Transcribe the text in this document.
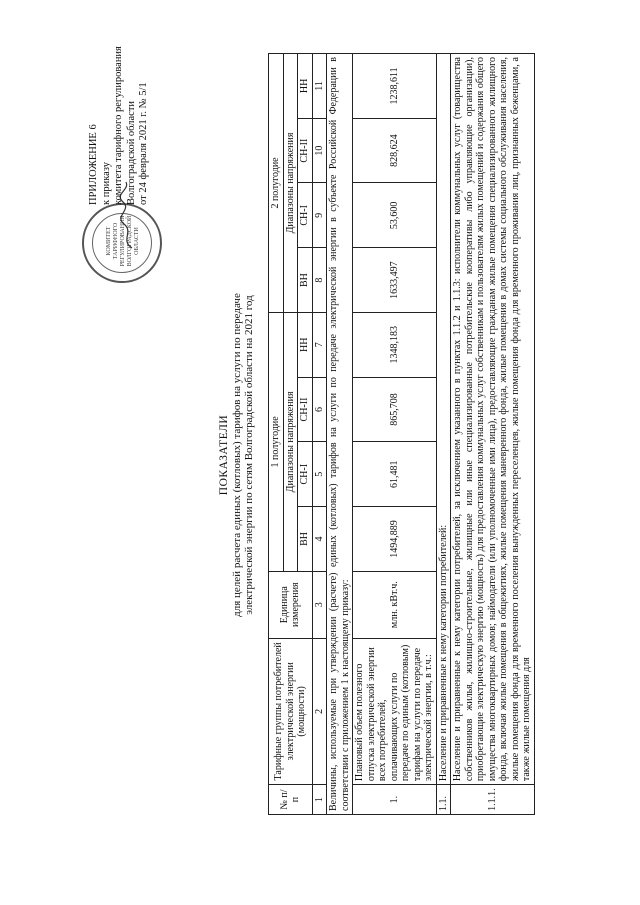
КОМИТЕТ ТАРИФНОГО РЕГУЛИРОВАНИЯ ВОЛГОГРАДСКОЙ ОБЛАСТИ
ПРИЛОЖЕНИЕ 6 к приказу комитета тарифного регулирования Волгоградской области от 24 февраля 2021 г. № 5/1
ПОКАЗАТЕЛИ для целей расчета единых (котловых) тарифов на услуги по передаче электрической энергии по сетям Волгоградской области на 2021 год
№ п/п	Тарифные группы потребителей электрической энергии (мощности)	Единица измерения	1 полугодие				2 полугодие			
			Диапазоны напряжения				Диапазоны напряжения			
			ВН	СН-I	СН-II	НН	ВН	СН-I	СН-II	НН
1	2	3	4	5	6	7	8	9	10	11
Величины, используемые при утверждении (расчете) единых (котловых) тарифов на услуги по передаче электрической энергии в субъекте Российской Федерации в соответствии с приложением 1 к настоящему приказу:										
1.	Плановый объем полезного отпуска электрической энергии всех потребителей, оплачивающих услуги по передаче по единым (котловым) тарифам на услуги по передаче электрической энергии, в т.ч.:	млн. кВт.ч.	1494,889	61,481	865,708	1348,183	1633,497	53,600	828,624	1238,611
1.1.	Население и приравненные к нему категории потребителей:									
1.1.1.	Население и приравненные к нему категории потребителей, за исключением указанного в пунктах 1.1.2 и 1.1.3: исполнители коммунальных услуг (товарищества собственников жилья, жилищно-строительные, жилищные или иные специализированные потребительские кооперативы либо управляющие организации), приобретающие электрическую энергию (мощность) для предоставления коммунальных услуг собственникам и пользователям жилых помещений и содержания общего имущества многоквартирных домов; наймодатели (или уполномоченные ими лица), предоставляющие гражданам жилые помещения специализированного жилищного фонда, включая жилые помещения в общежитиях, жилые помещения маневренного фонда, жилые помещения в домах системы социального обслуживания населения, жилые помещения фонда для временного поселения вынужденных переселенцев, жилые помещения фонда для временного проживания лиц, признанных беженцами, а также жилые помещения для									
